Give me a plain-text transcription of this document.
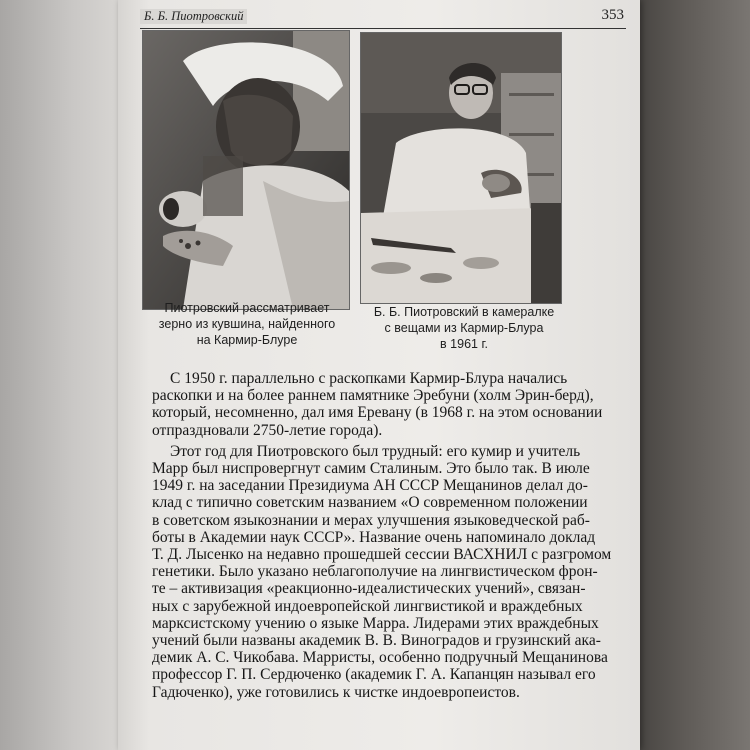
Б. Б. Пиотровский	353
Пиотровский рассматривает
зерно из кувшина, найденного
на Кармир-Блуре
Б. Б. Пиотровский в камералке
с вещами из Кармир-Блура
в 1961 г.
С 1950 г. параллельно с раскопками Кармир-Блура начались
раскопки и на более раннем памятнике Эребуни (холм Эрин-берд),
который, несомненно, дал имя Еревану (в 1968 г. на этом основании
отпраздновали 2750-летие города).
Этот год для Пиотровского был трудный: его кумир и учитель
Марр был ниспровергнут самим Сталиным. Это было так. В июле
1949 г. на заседании Президиума АН СССР Мещанинов делал до-
клад с типично советским названием «О современном положении
в советском языкознании и мерах улучшения языковедческой раб-
боты в Академии наук СССР». Название очень напоминало доклад
Т. Д. Лысенко на недавно прошедшей сессии ВАСХНИЛ с разгромом
генетики. Было указано неблагополучие на лингвистическом фрон-
те – активизация «реакционно-идеалистических учений», связан-
ных с зарубежной индоевропейской лингвистикой и враждебных
марксистскому учению о языке Марра. Лидерами этих враждебных
учений были названы академик В. В. Виноградов и грузинский ака-
демик А. С. Чикобава. Марристы, особенно подручный Мещанинова
профессор Г. П. Сердюченко (академик Г. А. Капанцян называл его
Гадюченко), уже готовились к чистке индоевропеистов.
